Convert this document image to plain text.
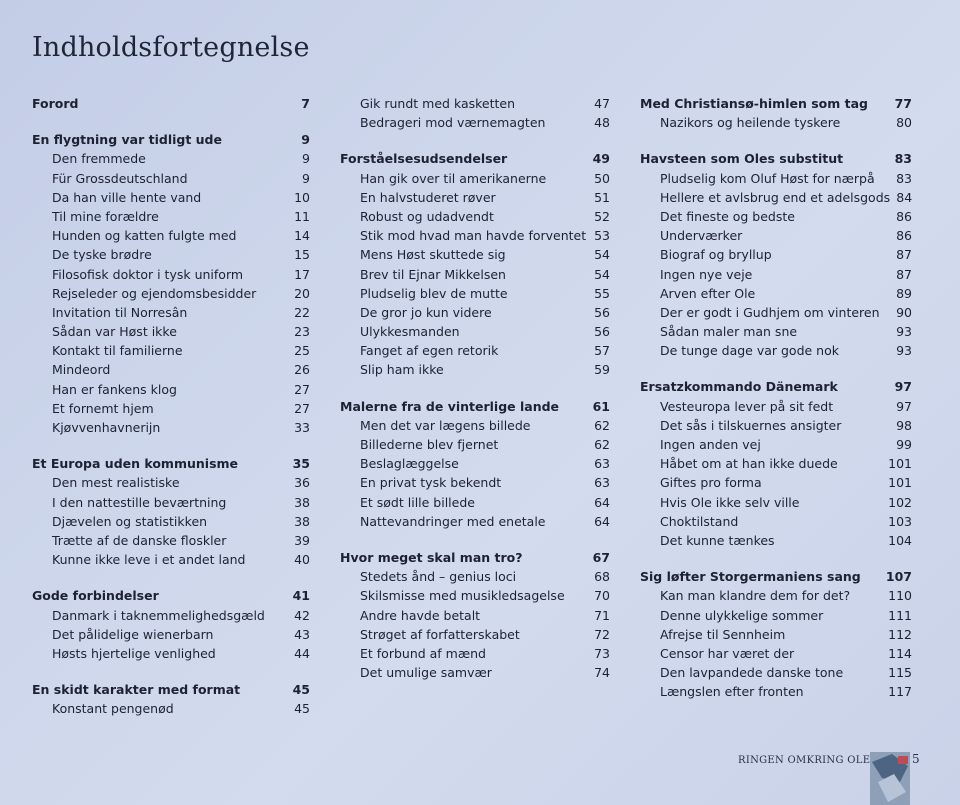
Indholdsfortegnelse
Forord	7
En flygtning var tidligt ude	9
Den fremmede	9
Für Grossdeutschland	9
Da han ville hente vand	10
Til mine forældre	11
Hunden og katten fulgte med	14
De tyske brødre	15
Filosofisk doktor i tysk uniform	17
Rejseleder og ejendomsbesidder	20
Invitation til Norresân	22
Sådan var Høst ikke	23
Kontakt til familierne	25
Mindeord	26
Han er fankens klog	27
Et fornemt hjem	27
Kjøvvenhavnerijn	33
Et Europa uden kommunisme	35
Den mest realistiske	36
I den nattestille beværtning	38
Djævelen og statistikken	38
Trætte af de danske floskler	39
Kunne ikke leve i et andet land	40
Gode forbindelser	41
Danmark i taknemmelighedsgæld	42
Det pålidelige wienerbarn	43
Høsts hjertelige venlighed	44
En skidt karakter med format	45
Konstant pengenød	45
Gik rundt med kasketten	47
Bedrageri mod værnemagten	48
Forståelsesudsendelser	49
Han gik over til amerikanerne	50
En halvstuderet røver	51
Robust og udadvendt	52
Stik mod hvad man havde forventet 53
Mens Høst skuttede sig	54
Brev til Ejnar Mikkelsen	54
Pludselig blev de mutte	55
De gror jo kun videre	56
Ulykkesmanden	56
Fanget af egen retorik	57
Slip ham ikke	59
Malerne fra de vinterlige lande	61
Men det var lægens billede	62
Billederne blev fjernet	62
Beslaglæggelse	63
En privat tysk bekendt	63
Et sødt lille billede	64
Nattevandringer med enetale	64
Hvor meget skal man tro?	67
Stedets ånd – genius loci	68
Skilsmisse med musikledsagelse	70
Andre havde betalt	71
Strøget af forfatterskabet	72
Et forbund af mænd	73
Det umulige samvær	74
Med Christiansø-himlen som tag	77
Nazikors og heilende tyskere	80
Havsteen som Oles substitut	83
Pludselig kom Oluf Høst for nærpå	83
Hellere et avlsbrug end et adelsgods 84
Det fineste og bedste	86
Underværker	86
Biograf og bryllup	87
Ingen nye veje	87
Arven efter Ole	89
Der er godt i Gudhjem om vinteren	90
Sådan maler man sne	93
De tunge dage var gode nok	93
Ersatzkommando Dänemark	97
Vesteuropa lever på sit fedt	97
Det sås i tilskuernes ansigter	98
Ingen anden vej	99
Håbet om at han ikke duede	101
Giftes pro forma	101
Hvis Ole ikke selv ville	102
Choktilstand	103
Det kunne tænkes	104
Sig løfter Storgermaniens sang 107
Kan man klandre dem for det?	110
Denne ulykkelige sommer	111
Afrejse til Sennheim	112
Censor har været der	114
Den lavpandede danske tone	115
Længslen efter fronten	117
RINGEN OMKRING OLE	5
